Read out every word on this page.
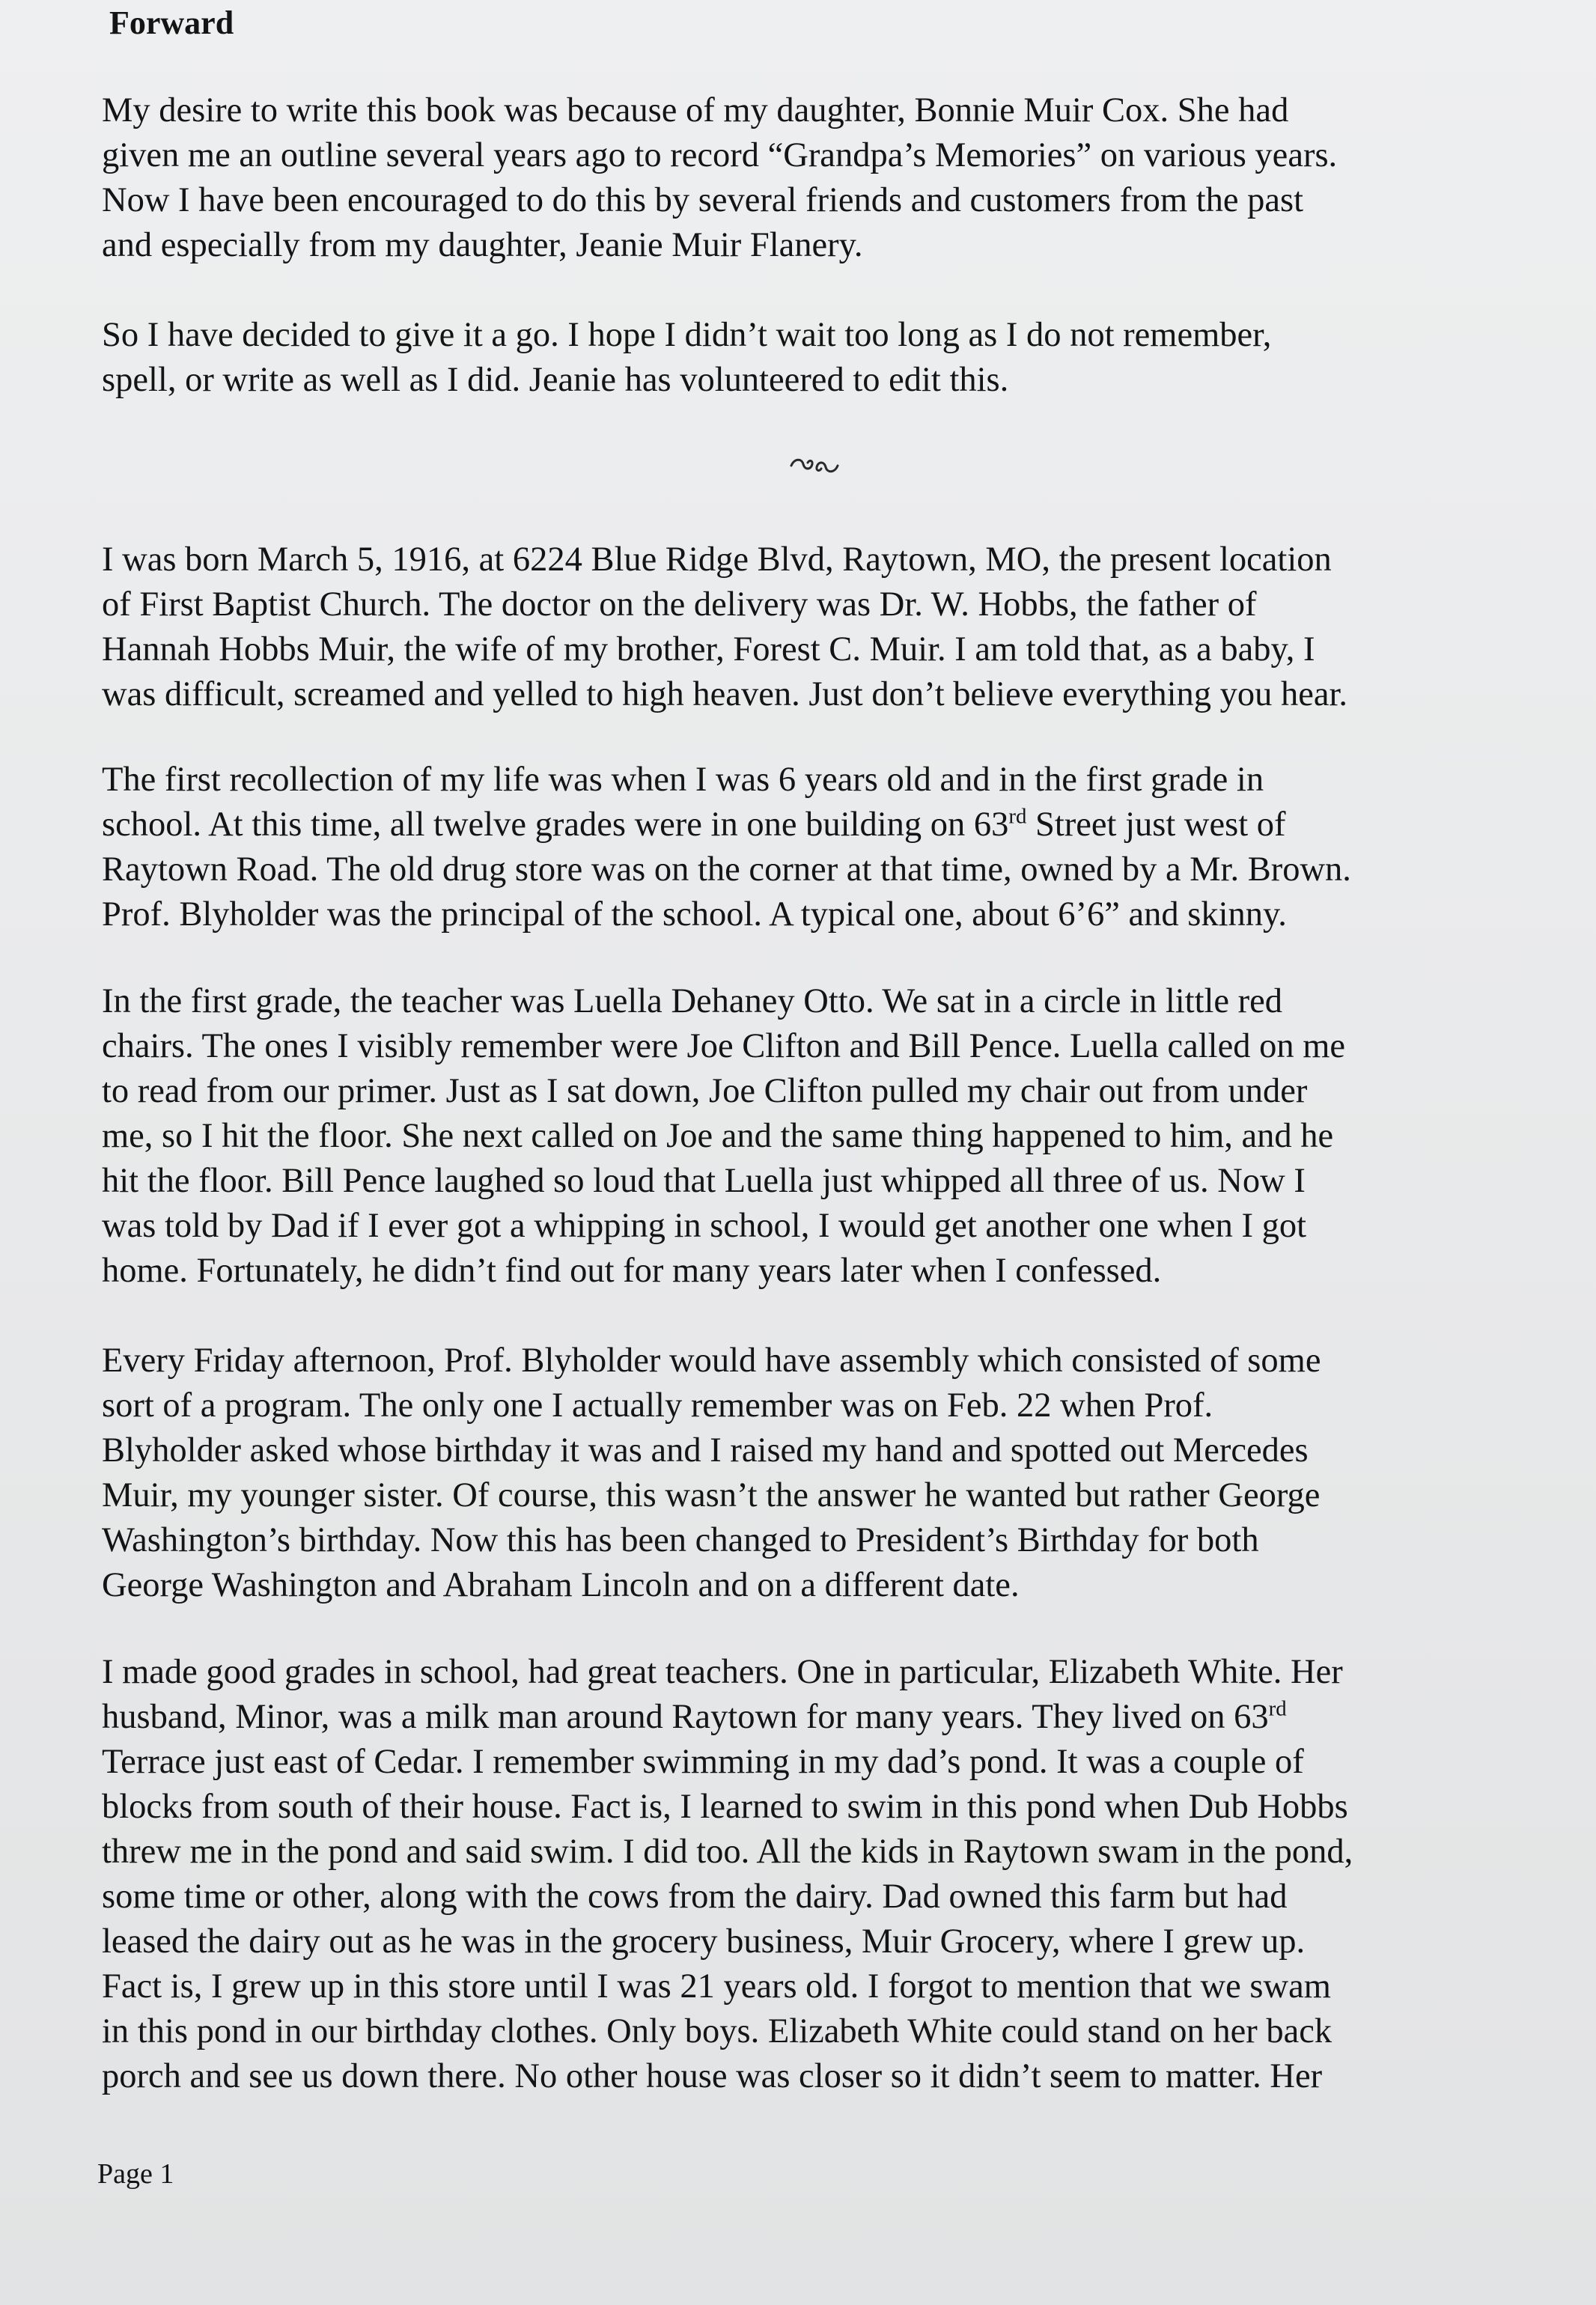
Forward
My desire to write this book was because of my daughter, Bonnie Muir Cox. She had
given me an outline several years ago to record “Grandpa’s Memories” on various years.
Now I have been encouraged to do this by several friends and customers from the past
and especially from my daughter, Jeanie Muir Flanery.
So I have decided to give it a go. I hope I didn’t wait too long as I do not remember,
spell, or write as well as I did. Jeanie has volunteered to edit this.
I was born March 5, 1916, at 6224 Blue Ridge Blvd, Raytown, MO, the present location
of First Baptist Church. The doctor on the delivery was Dr. W. Hobbs, the father of
Hannah Hobbs Muir, the wife of my brother, Forest C. Muir. I am told that, as a baby, I
was difficult, screamed and yelled to high heaven. Just don’t believe everything you hear.
The first recollection of my life was when I was 6 years old and in the first grade in
school. At this time, all twelve grades were in one building on 63rd Street just west of
Raytown Road. The old drug store was on the corner at that time, owned by a Mr. Brown.
Prof. Blyholder was the principal of the school. A typical one, about 6’6” and skinny.
In the first grade, the teacher was Luella Dehaney Otto. We sat in a circle in little red
chairs. The ones I visibly remember were Joe Clifton and Bill Pence. Luella called on me
to read from our primer. Just as I sat down, Joe Clifton pulled my chair out from under
me, so I hit the floor. She next called on Joe and the same thing happened to him, and he
hit the floor. Bill Pence laughed so loud that Luella just whipped all three of us. Now I
was told by Dad if I ever got a whipping in school, I would get another one when I got
home. Fortunately, he didn’t find out for many years later when I confessed.
Every Friday afternoon, Prof. Blyholder would have assembly which consisted of some
sort of a program. The only one I actually remember was on Feb. 22 when Prof.
Blyholder asked whose birthday it was and I raised my hand and spotted out Mercedes
Muir, my younger sister. Of course, this wasn’t the answer he wanted but rather George
Washington’s birthday. Now this has been changed to President’s Birthday for both
George Washington and Abraham Lincoln and on a different date.
I made good grades in school, had great teachers. One in particular, Elizabeth White. Her
husband, Minor, was a milk man around Raytown for many years. They lived on 63rd
Terrace just east of Cedar. I remember swimming in my dad’s pond. It was a couple of
blocks from south of their house. Fact is, I learned to swim in this pond when Dub Hobbs
threw me in the pond and said swim. I did too. All the kids in Raytown swam in the pond,
some time or other, along with the cows from the dairy. Dad owned this farm but had
leased the dairy out as he was in the grocery business, Muir Grocery, where I grew up.
Fact is, I grew up in this store until I was 21 years old. I forgot to mention that we swam
in this pond in our birthday clothes. Only boys. Elizabeth White could stand on her back
porch and see us down there. No other house was closer so it didn’t seem to matter. Her

Page 1
